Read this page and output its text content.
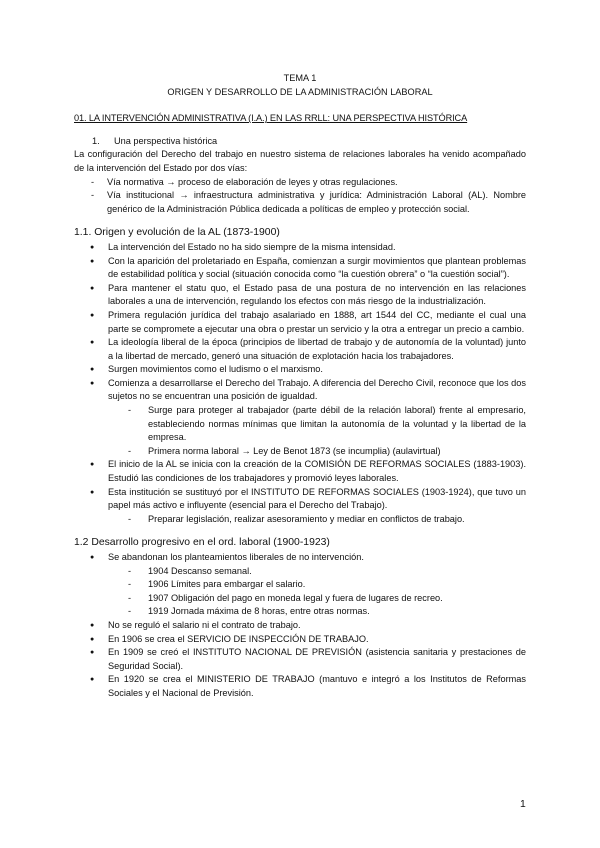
TEMA 1
ORIGEN Y DESARROLLO DE LA ADMINISTRACIÓN LABORAL
01. LA INTERVENCIÓN ADMINISTRATIVA (I.A.) EN LAS RRLL: UNA PERSPECTIVA HISTÓRICA
1. Una perspectiva histórica
La configuración del Derecho del trabajo en nuestro sistema de relaciones laborales ha venido acompañado de la intervención del Estado por dos vías:
- Vía normativa → proceso de elaboración de leyes y otras regulaciones.
- Vía institucional → infraestructura administrativa y jurídica: Administración Laboral (AL). Nombre genérico de la Administración Pública dedicada a políticas de empleo y protección social.
1.1. Origen y evolución de la AL (1873-1900)
● La intervención del Estado no ha sido siempre de la misma intensidad.
● Con la aparición del proletariado en España, comienzan a surgir movimientos que plantean problemas de estabilidad política y social (situación conocida como “la cuestión obrera” o “la cuestión social”).
● Para mantener el statu quo, el Estado pasa de una postura de no intervención en las relaciones laborales a una de intervención, regulando los efectos con más riesgo de la industrialización.
● Primera regulación jurídica del trabajo asalariado en 1888, art 1544 del CC, mediante el cual una parte se compromete a ejecutar una obra o prestar un servicio y la otra a entregar un precio a cambio.
● La ideología liberal de la época (principios de libertad de trabajo y de autonomía de la voluntad) junto a la libertad de mercado, generó una situación de explotación hacia los trabajadores.
● Surgen movimientos como el ludismo o el marxismo.
● Comienza a desarrollarse el Derecho del Trabajo. A diferencia del Derecho Civil, reconoce que los dos sujetos no se encuentran una posición de igualdad.
- Surge para proteger al trabajador (parte débil de la relación laboral) frente al empresario, estableciendo normas mínimas que limitan la autonomía de la voluntad y la libertad de la empresa.
- Primera norma laboral → Ley de Benot 1873 (se incumplia) (aulavirtual)
● El inicio de la AL se inicia con la creación de la COMISIÓN DE REFORMAS SOCIALES (1883-1903). Estudió las condiciones de los trabajadores y promovió leyes laborales.
● Esta institución se sustituyó por el INSTITUTO DE REFORMAS SOCIALES (1903-1924), que tuvo un papel más activo e influyente (esencial para el Derecho del Trabajo).
- Preparar legislación, realizar asesoramiento y mediar en conflictos de trabajo.
1.2 Desarrollo progresivo en el ord. laboral (1900-1923)
● Se abandonan los planteamientos liberales de no intervención.
- 1904 Descanso semanal.
- 1906 Límites para embargar el salario.
- 1907 Obligación del pago en moneda legal y fuera de lugares de recreo.
- 1919 Jornada máxima de 8 horas, entre otras normas.
● No se reguló el salario ni el contrato de trabajo.
● En 1906 se crea el SERVICIO DE INSPECCIÓN DE TRABAJO.
● En 1909 se creó el INSTITUTO NACIONAL DE PREVISIÓN (asistencia sanitaria y prestaciones de Seguridad Social).
● En 1920 se crea el MINISTERIO DE TRABAJO (mantuvo e integró a los Institutos de Reformas Sociales y el Nacional de Previsión.
1
